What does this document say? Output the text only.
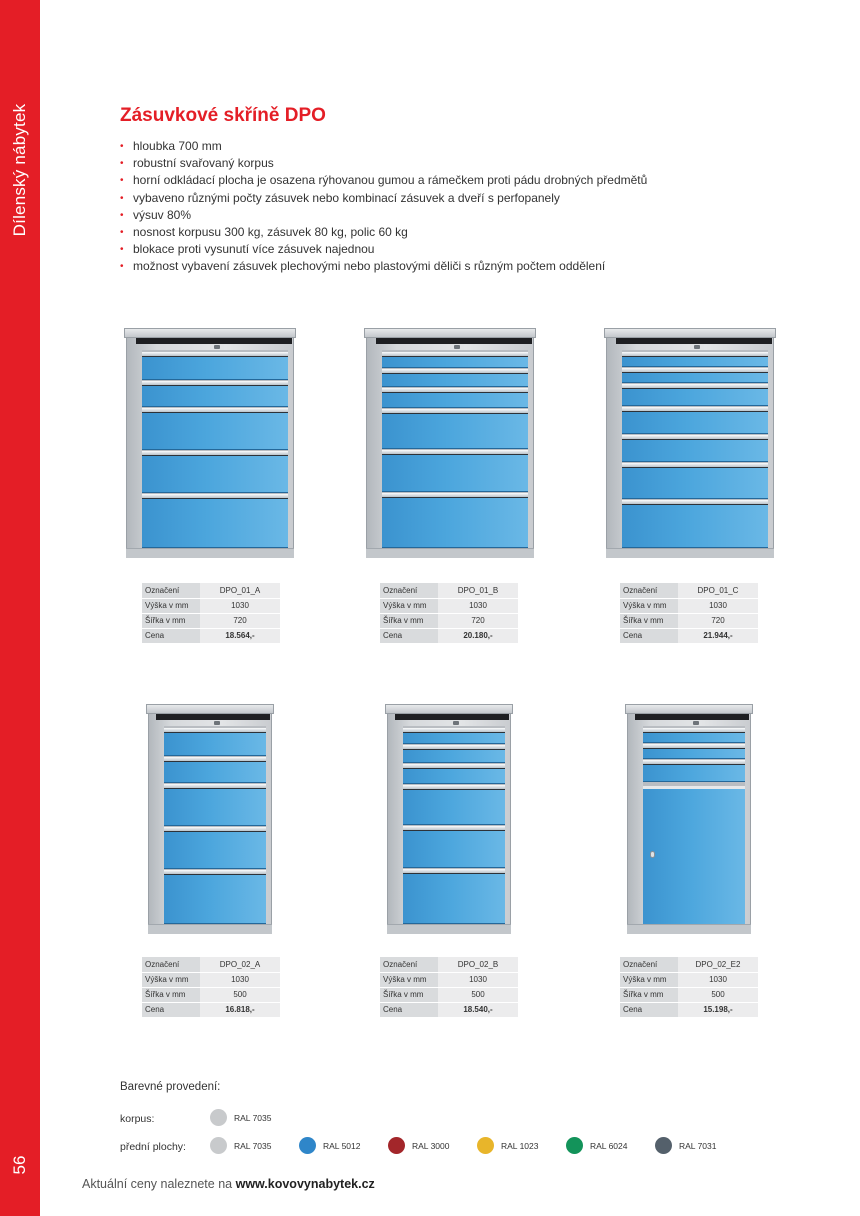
Dílenský nábytek
56
Zásuvkové skříně DPO
• hloubka 700 mm
• robustní svařovaný korpus
• horní odkládací plocha je osazena rýhovanou gumou a rámečkem proti pádu drobných předmětů
• vybaveno různými počty zásuvek nebo kombinací zásuvek a dveří s perfopanely
• výsuv 80%
• nosnost korpusu 300 kg, zásuvek 80 kg, polic 60 kg
• blokace proti vysunutí více zásuvek najednou
• možnost vybavení zásuvek plechovými nebo plastovými děliči s různým počtem oddělení
Označení	DPO_01_A
Výška v mm	1030
Šířka v mm	720
Cena	18.564,-
Označení	DPO_01_B
Výška v mm	1030
Šířka v mm	720
Cena	20.180,-
Označení	DPO_01_C
Výška v mm	1030
Šířka v mm	720
Cena	21.944,-
Označení	DPO_02_A
Výška v mm	1030
Šířka v mm	500
Cena	16.818,-
Označení	DPO_02_B
Výška v mm	1030
Šířka v mm	500
Cena	18.540,-
Označení	DPO_02_E2
Výška v mm	1030
Šířka v mm	500
Cena	15.198,-
Barevné provedení:
korpus:	RAL 7035
přední plochy:	RAL 7035	RAL 5012	RAL 3000	RAL 1023	RAL 6024	RAL 7031
Aktuální ceny naleznete na www.kovovynabytek.cz
